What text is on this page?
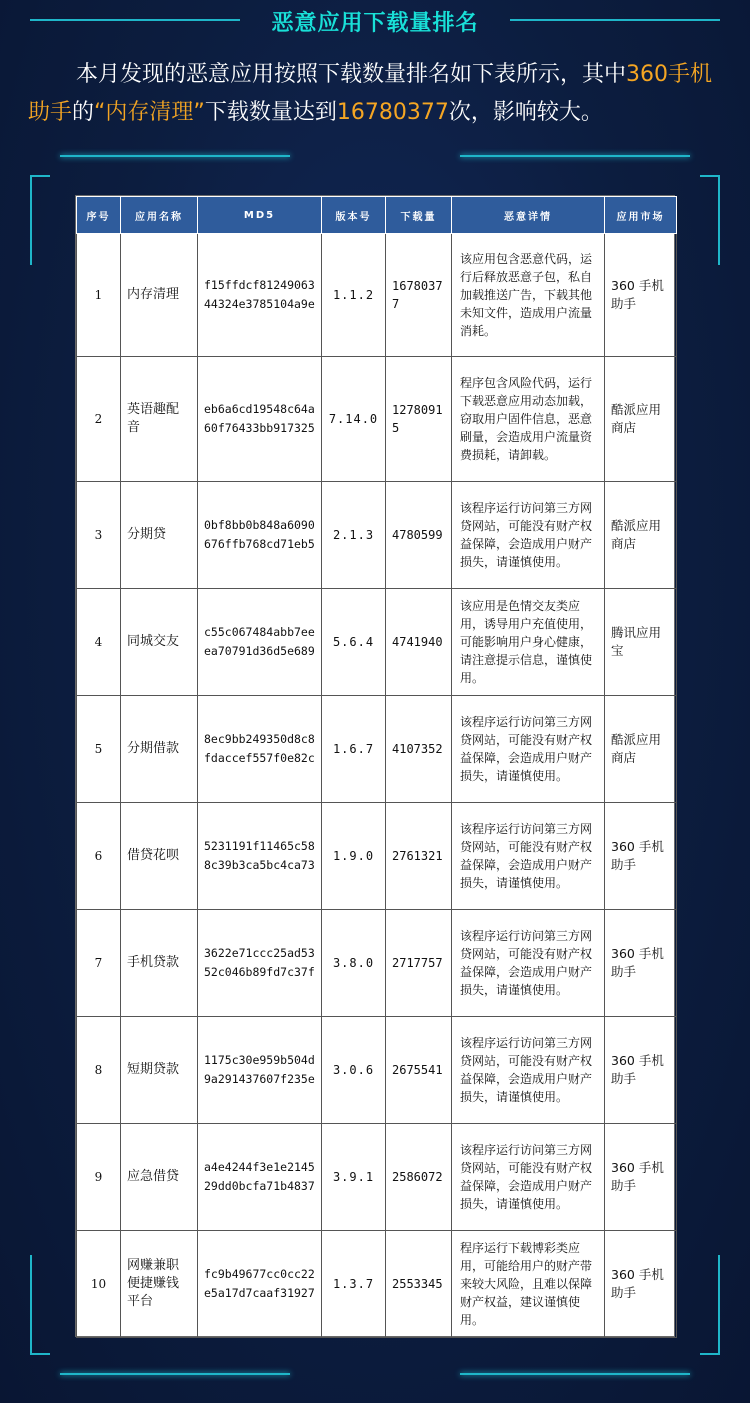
恶意应用下载量排名
本月发现的恶意应用按照下载数量排名如下表所示，其中360手机助手的“内存清理”下载数量达到16780377次，影响较大。
序号	应用名称	MD5	版本号	下载量	恶意详情	应用市场
1	内存清理	f15ffdcf8124906344324e3785104a9e	1.1.2	16780377	该应用包含恶意代码，运行后释放恶意子包，私自加载推送广告，下载其他未知文件，造成用户流量消耗。	360 手机助手
2	英语趣配音	eb6a6cd19548c64a60f76433bb917325	7.14.0	12780915	程序包含风险代码，运行下载恶意应用动态加载，窃取用户固件信息，恶意刷量，会造成用户流量资费损耗，请卸载。	酷派应用商店
3	分期贷	0bf8bb0b848a6090676ffb768cd71eb5	2.1.3	4780599	该程序运行访问第三方网贷网站，可能没有财产权益保障，会造成用户财产损失，请谨慎使用。	酷派应用商店
4	同城交友	c55c067484abb7eeea70791d36d5e689	5.6.4	4741940	该应用是色情交友类应用，诱导用户充值使用，可能影响用户身心健康，请注意提示信息，谨慎使用。	腾讯应用宝
5	分期借款	8ec9bb249350d8c8fdaccef557f0e82c	1.6.7	4107352	该程序运行访问第三方网贷网站，可能没有财产权益保障，会造成用户财产损失，请谨慎使用。	酷派应用商店
6	借贷花呗	5231191f11465c588c39b3ca5bc4ca73	1.9.0	2761321	该程序运行访问第三方网贷网站，可能没有财产权益保障，会造成用户财产损失，请谨慎使用。	360 手机助手
7	手机贷款	3622e71ccc25ad5352c046b89fd7c37f	3.8.0	2717757	该程序运行访问第三方网贷网站，可能没有财产权益保障，会造成用户财产损失，请谨慎使用。	360 手机助手
8	短期贷款	1175c30e959b504d9a291437607f235e	3.0.6	2675541	该程序运行访问第三方网贷网站，可能没有财产权益保障，会造成用户财产损失，请谨慎使用。	360 手机助手
9	应急借贷	a4e4244f3e1e214529dd0bcfa71b4837	3.9.1	2586072	该程序运行访问第三方网贷网站，可能没有财产权益保障，会造成用户财产损失，请谨慎使用。	360 手机助手
10	网赚兼职便捷赚钱平台	fc9b49677cc0cc22e5a17d7caaf31927	1.3.7	2553345	程序运行下载博彩类应用，可能给用户的财产带来较大风险，且难以保障财产权益，建议谨慎使用。	360 手机助手
